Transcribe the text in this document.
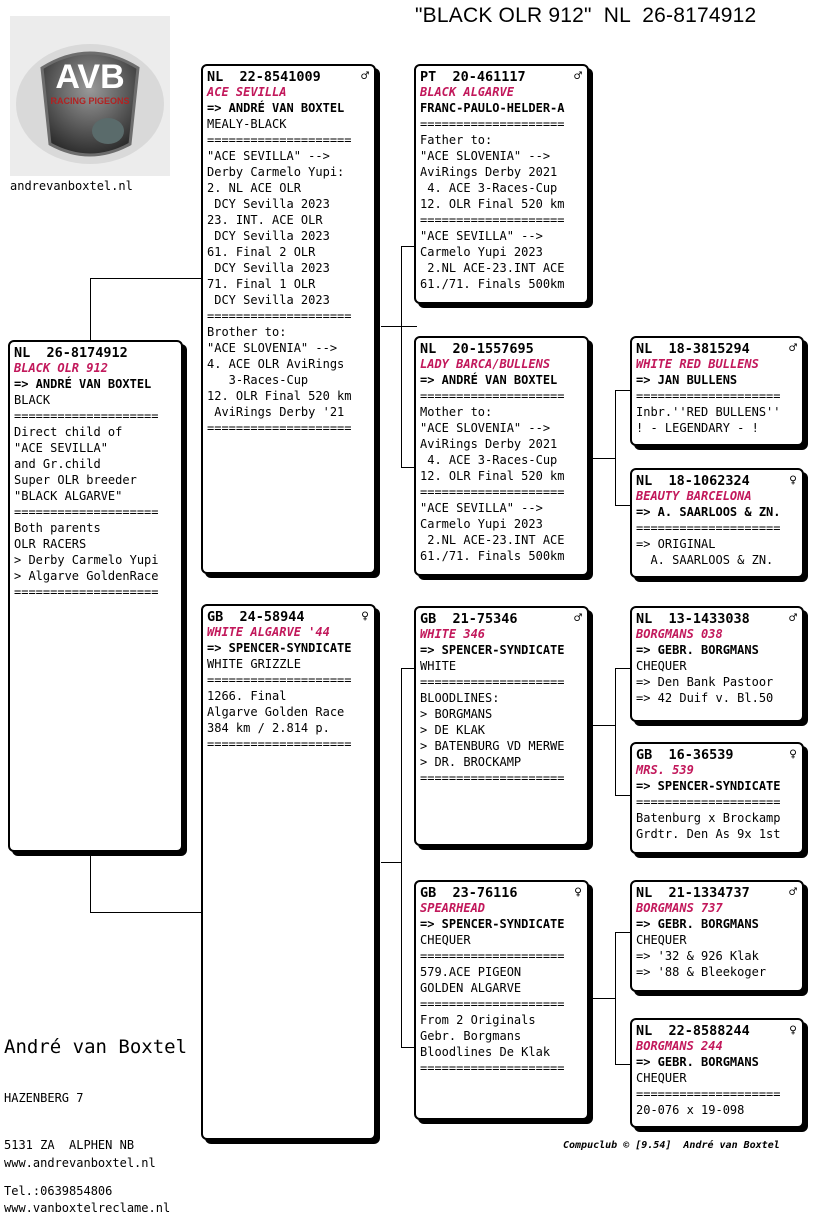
"BLACK OLR 912"  NL  26-8174912
AVB
RACING PIGEONS
andrevanboxtel.nl
NL  26-8174912
BLACK OLR 912
=> ANDRÉ VAN BOXTEL
BLACK
====================
Direct child of
"ACE SEVILLA"
and Gr.child
Super OLR breeder
"BLACK ALGARVE"
====================
Both parents
OLR RACERS
> Derby Carmelo Yupi
> Algarve GoldenRace
====================
NL  22-8541009	♂
ACE SEVILLA
=> ANDRÉ VAN BOXTEL
MEALY-BLACK
====================
"ACE SEVILLA" -->
Derby Carmelo Yupi:
2. NL ACE OLR
DCY Sevilla 2023
23. INT. ACE OLR
DCY Sevilla 2023
61. Final 2 OLR
DCY Sevilla 2023
71. Final 1 OLR
DCY Sevilla 2023
====================
Brother to:
"ACE SLOVENIA" -->
4. ACE OLR AviRings
3-Races-Cup
12. OLR Final 520 km
AviRings Derby '21
====================
GB  24-58944	♀
WHITE ALGARVE '44
=> SPENCER-SYNDICATE
WHITE GRIZZLE
====================
1266. Final
Algarve Golden Race
384 km / 2.814 p.
====================
PT  20-461117	♂
BLACK ALGARVE
FRANC-PAULO-HELDER-A
====================
Father to:
"ACE SLOVENIA" -->
AviRings Derby 2021
4. ACE 3-Races-Cup
12. OLR Final 520 km
====================
"ACE SEVILLA" -->
Carmelo Yupi 2023
2.NL ACE-23.INT ACE
61./71. Finals 500km
NL  20-1557695
LADY BARCA/BULLENS
=> ANDRÉ VAN BOXTEL
====================
Mother to:
"ACE SLOVENIA" -->
AviRings Derby 2021
4. ACE 3-Races-Cup
12. OLR Final 520 km
====================
"ACE SEVILLA" -->
Carmelo Yupi 2023
2.NL ACE-23.INT ACE
61./71. Finals 500km
GB  21-75346	♂
WHITE 346
=> SPENCER-SYNDICATE
WHITE
====================
BLOODLINES:
> BORGMANS
> DE KLAK
> BATENBURG VD MERWE
> DR. BROCKAMP
====================
GB  23-76116	♀
SPEARHEAD
=> SPENCER-SYNDICATE
CHEQUER
====================
579.ACE PIGEON
GOLDEN ALGARVE
====================
From 2 Originals
Gebr. Borgmans
Bloodlines De Klak
====================
NL  18-3815294	♂
WHITE RED BULLENS
=> JAN BULLENS
====================
Inbr.''RED BULLENS''
! - LEGENDARY - !
NL  18-1062324	♀
BEAUTY BARCELONA
=> A. SAARLOOS & ZN.
====================
=> ORIGINAL
A. SAARLOOS & ZN.
NL  13-1433038	♂
BORGMANS 038
=> GEBR. BORGMANS
CHEQUER
=> Den Bank Pastoor
=> 42 Duif v. Bl.50
GB  16-36539	♀
MRS. 539
=> SPENCER-SYNDICATE
====================
Batenburg x Brockamp
Grdtr. Den As 9x 1st
NL  21-1334737	♂
BORGMANS 737
=> GEBR. BORGMANS
CHEQUER
=> '32 & 926 Klak
=> '88 & Bleekoger
NL  22-8588244	♀
BORGMANS 244
=> GEBR. BORGMANS
CHEQUER
====================
20-076 x 19-098
André van Boxtel

HAZENBERG 7

5131 ZA  ALPHEN NB

Tel.:0639854806

www.andrevanboxtel.nl

www.vanboxtelreclame.nl

Compuclub © [9.54]  André van Boxtel
